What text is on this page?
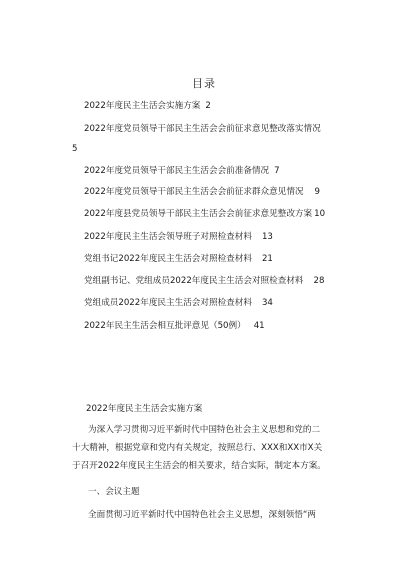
目录
2022年度民主生活会实施方案 2
2022年度党员领导干部民主生活会会前征求意见整改落实情况
5
2022年度党员领导干部民主生活会会前准备情况 7
2022年度党员领导干部民主生活会会前征求群众意见情况 9
2022年度县党员领导干部民主生活会会前征求意见整改方案 10
2022年度民主生活会领导班子对照检查材料 13
党组书记2022年度民主生活会对照检查材料 21
党组副书记、党组成员2022年度民主生活会对照检查材料 28
党组成员2022年度民主生活会对照检查材料 34
2022年民主生活会相互批评意见（50例） 41
2022年度民主生活会实施方案
为深入学习贯彻习近平新时代中国特色社会主义思想和党的二
十大精神，根据党章和党内有关规定，按照总行、XXX和XX市X关
于召开2022年度民主生活会的相关要求，结合实际，制定本方案。
一、会议主题
全面贯彻习近平新时代中国特色社会主义思想，深刻领悟“两
